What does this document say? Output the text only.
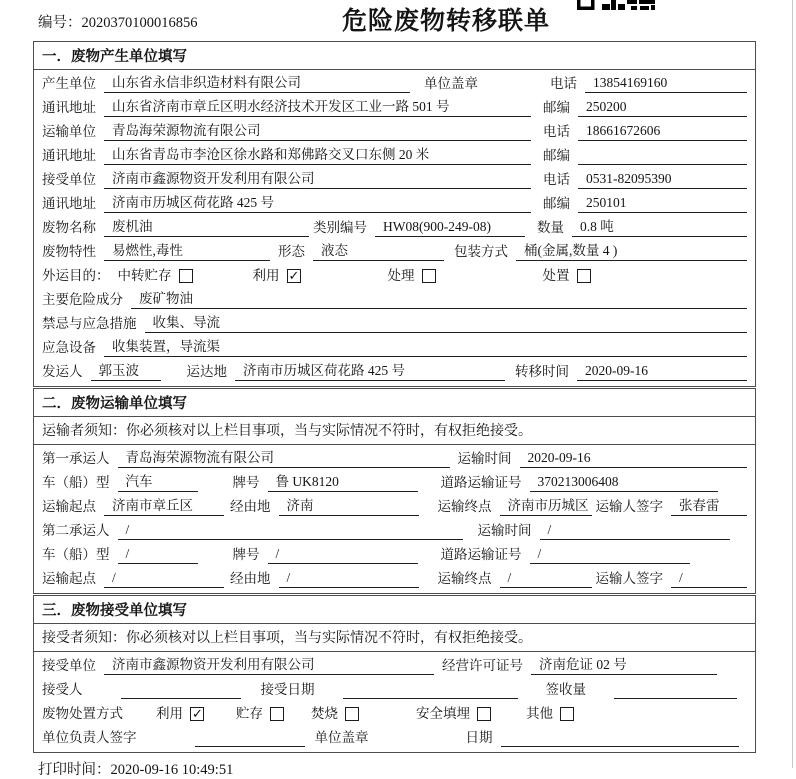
编号：2020370100016856	危险废物转移联单
一．废物产生单位填写
产生单位	山东省永信非织造材料有限公司	单位盖章	电话	13854169160
通讯地址	山东省济南市章丘区明水经济技术开发区工业一路 501 号	邮编	250200
运输单位	青岛海荣源物流有限公司	电话	18661672606
通讯地址	山东省青岛市李沧区徐水路和郑佛路交叉口东侧 20 米	邮编
接受单位	济南市鑫源物资开发利用有限公司	电话	0531-82095390
通讯地址	济南市历城区荷花路 425 号	邮编	250101
废物名称	废机油	类别编号	HW08(900-249-08)	数量	0.8 吨
废物特性	易燃性,毒性	形态	液态	包装方式	桶(金属,数量 4 )
外运目的： 中转贮存	利用 ✓	处理	处置
主要危险成分	废矿物油
禁忌与应急措施	收集、导流
应急设备	收集装置，导流渠
发运人	郭玉波	运达地	济南市历城区荷花路 425 号	转移时间	2020-09-16
二．废物运输单位填写
运输者须知：你必须核对以上栏目事项，当与实际情况不符时，有权拒绝接受。
第一承运人	青岛海荣源物流有限公司	运输时间	2020-09-16
车（船）型	汽车	牌号	鲁 UK8120	道路运输证号	370213006408
运输起点	济南市章丘区	经由地	济南	运输终点	济南市历城区 运输人签字	张春雷
第二承运人	/	运输时间	/
车（船）型	/	牌号	/	道路运输证号	/
运输起点	/	经由地	/	运输终点	/	运输人签字	/
三．废物接受单位填写
接受者须知：你必须核对以上栏目事项，当与实际情况不符时，有权拒绝接受。
接受单位	济南市鑫源物资开发利用有限公司	经营许可证号	济南危证 02 号
接受人	接受日期	签收量
废物处置方式 利用 ✓	贮存	焚烧	安全填埋	其他
单位负责人签字	单位盖章	日期
打印时间：2020-09-16 10:49:51
